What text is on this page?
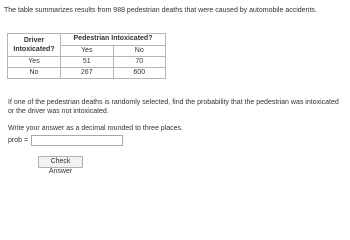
The table summarizes results from 988 pedestrian deaths that were caused by automobile accidents.
Driver
Intoxicated?	Pedestrian Intoxicated?	
	Yes	No
Yes	51	70
No	267	600
If one of the pedestrian deaths is randomly selected, find the probability that the pedestrian was intoxicated or the driver was not intoxicated.
Write your answer as a decimal rounded to three places.
prob =
Check Answer
